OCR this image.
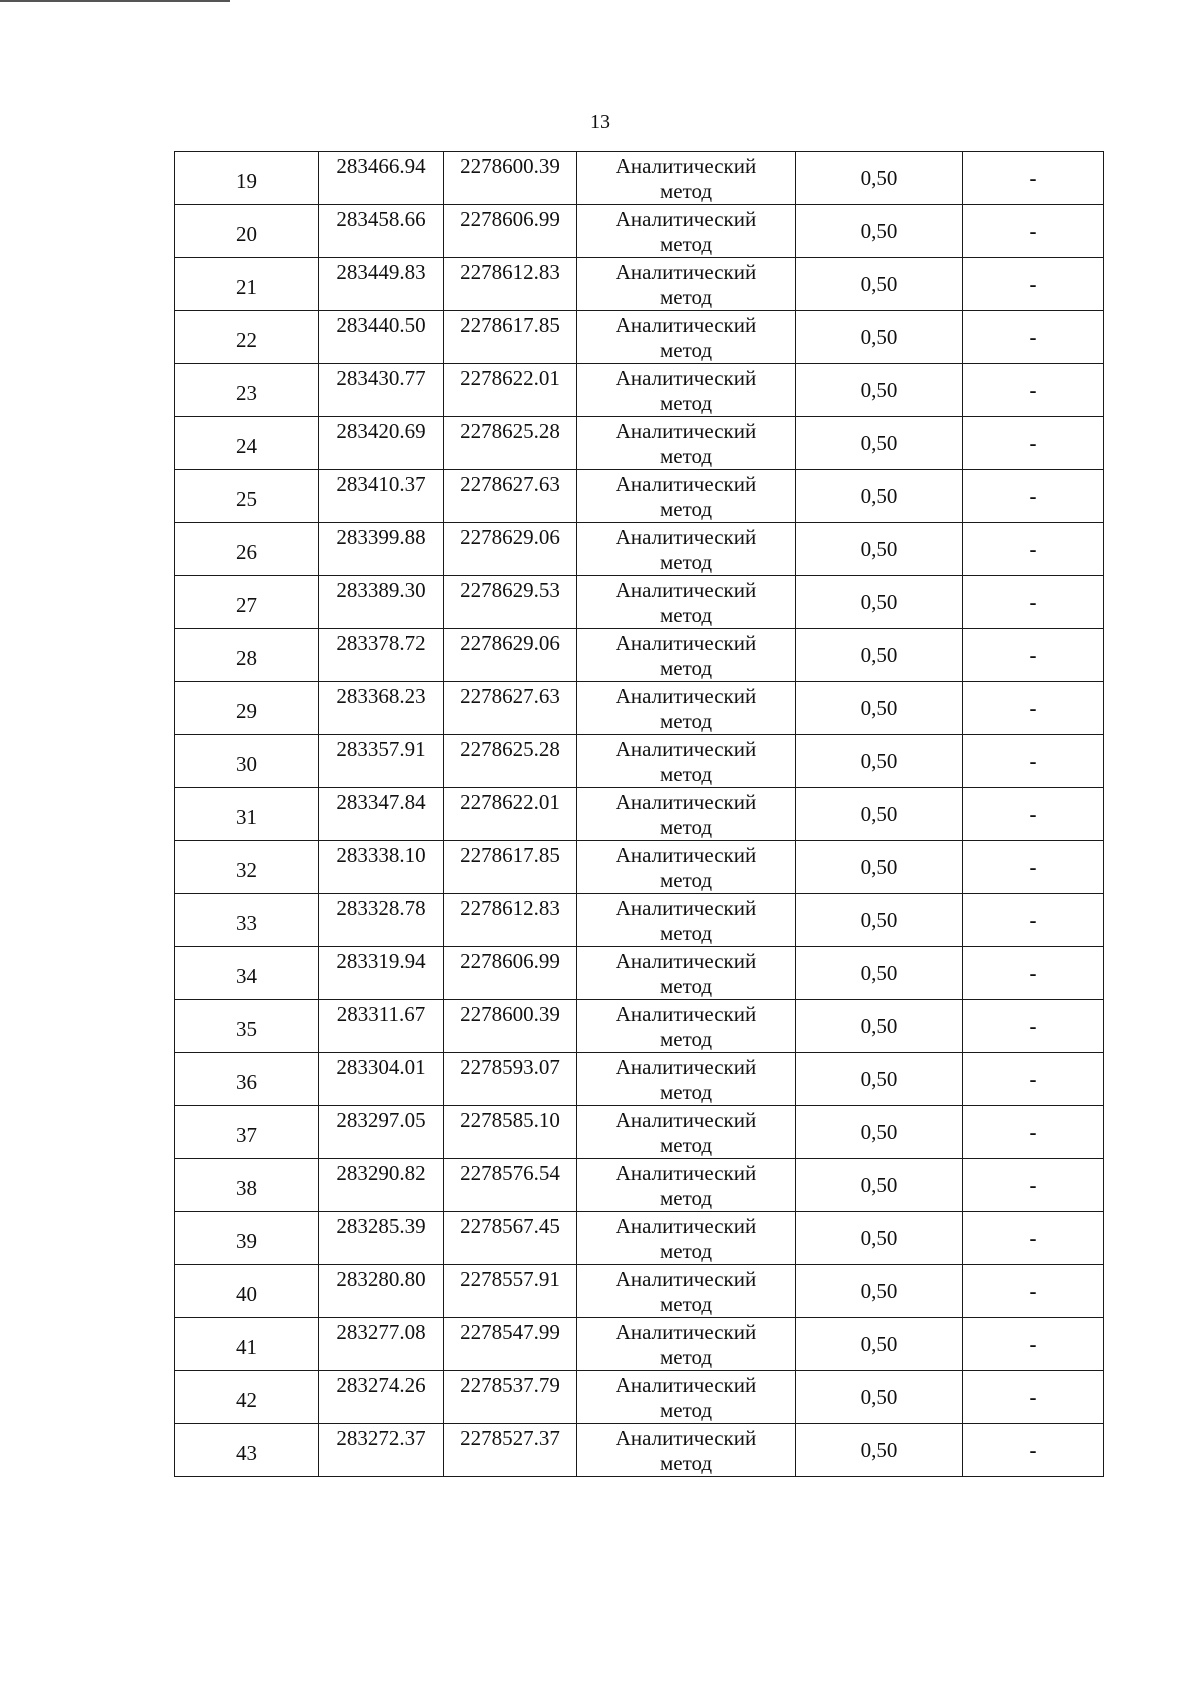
13
19	283466.94	2278600.39	Аналитический
метод	0,50	-
20	283458.66	2278606.99	Аналитический
метод	0,50	-
21	283449.83	2278612.83	Аналитический
метод	0,50	-
22	283440.50	2278617.85	Аналитический
метод	0,50	-
23	283430.77	2278622.01	Аналитический
метод	0,50	-
24	283420.69	2278625.28	Аналитический
метод	0,50	-
25	283410.37	2278627.63	Аналитический
метод	0,50	-
26	283399.88	2278629.06	Аналитический
метод	0,50	-
27	283389.30	2278629.53	Аналитический
метод	0,50	-
28	283378.72	2278629.06	Аналитический
метод	0,50	-
29	283368.23	2278627.63	Аналитический
метод	0,50	-
30	283357.91	2278625.28	Аналитический
метод	0,50	-
31	283347.84	2278622.01	Аналитический
метод	0,50	-
32	283338.10	2278617.85	Аналитический
метод	0,50	-
33	283328.78	2278612.83	Аналитический
метод	0,50	-
34	283319.94	2278606.99	Аналитический
метод	0,50	-
35	283311.67	2278600.39	Аналитический
метод	0,50	-
36	283304.01	2278593.07	Аналитический
метод	0,50	-
37	283297.05	2278585.10	Аналитический
метод	0,50	-
38	283290.82	2278576.54	Аналитический
метод	0,50	-
39	283285.39	2278567.45	Аналитический
метод	0,50	-
40	283280.80	2278557.91	Аналитический
метод	0,50	-
41	283277.08	2278547.99	Аналитический
метод	0,50	-
42	283274.26	2278537.79	Аналитический
метод	0,50	-
43	283272.37	2278527.37	Аналитический
метод	0,50	-
